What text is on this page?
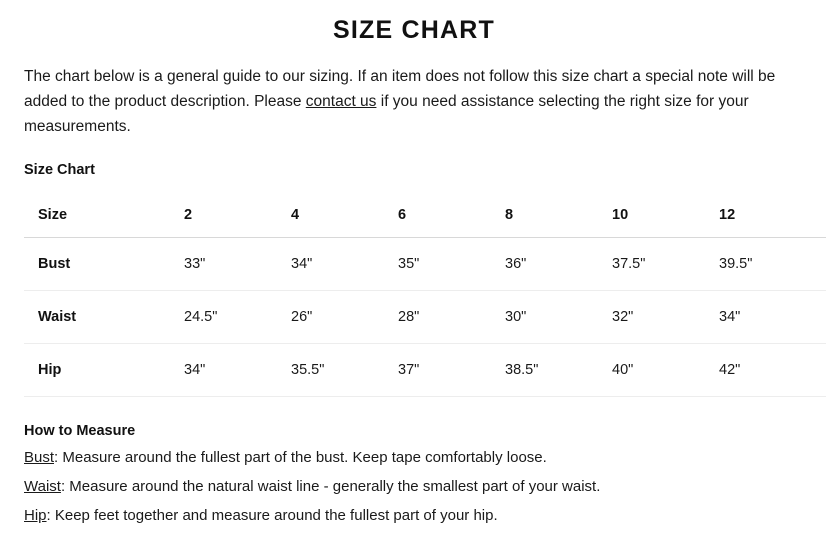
SIZE CHART

The chart below is a general guide to our sizing. If an item does not follow this size chart a special note will be added to the product description. Please contact us if you need assistance selecting the right size for your measurements.

Size Chart
Size	2	4	6	8	10	12
Bust	33"	34"	35"	36"	37.5"	39.5"
Waist	24.5"	26"	28"	30"	32"	34"
Hip	34"	35.5"	37"	38.5"	40"	42"
How to Measure
Bust: Measure around the fullest part of the bust. Keep tape comfortably loose.
Waist: Measure around the natural waist line - generally the smallest part of your waist.
Hip: Keep feet together and measure around the fullest part of your hip.
